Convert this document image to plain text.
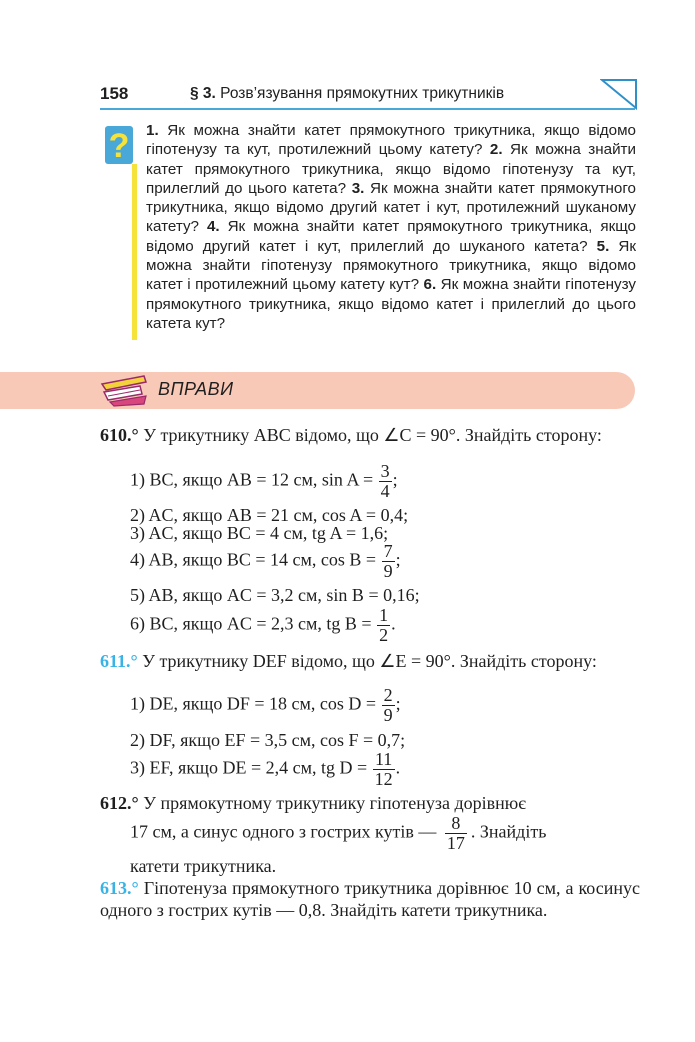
158	§ 3. Розв’язування прямокутних трикутників
? 1. Як можна знайти катет прямокутного трикутника, якщо відомо гіпотенузу та кут, протилежний цьому катету? 2. Як можна знайти катет прямокутного трикутника, якщо відомо гіпотенузу та кут, прилеглий до цього катета? 3. Як можна знайти катет прямокутного трикутника, якщо відомо другий катет і кут, протилежний шуканому катету? 4. Як можна знайти катет прямокутного трикутника, якщо відомо другий катет і кут, прилеглий до шуканого катета? 5. Як можна знайти гіпотенузу прямокутного трикутника, якщо відомо катет і протилежний цьому катету кут? 6. Як можна знайти гіпотенузу прямокутного трикутника, якщо відомо катет і прилеглий до цього катета кут?
ВПРАВИ
610.° У трикутнику ABC відомо, що ∠C = 90°. Знайдіть сторону:
1) BC, якщо AB = 12 см, $\sin A = \frac{3}{4}$ ;
2) AC, якщо AB = 21 см, cos A = 0,4;
3) AC, якщо BC = 4 см, tg A = 1,6;
4) AB, якщо BC = 14 см, $\cos B = \frac{7}{9}$ ;
5) AB, якщо AC = 3,2 см, sin B = 0,16;
6) BC, якщо AC = 2,3 см, tg $B = \frac{1}{2}$ .
611.° У трикутнику DEF відомо, що ∠E = 90°. Знайдіть сторону:
1) DE, якщо DF = 18 см, $\cos D = \frac{2}{9}$ ;
2) DF, якщо EF = 3,5 см, cos F = 0,7;
3) EF, якщо DE = 2,4 см, tg $D = \frac{11}{12}$ .
612.° У прямокутному трикутнику гіпотенуза дорівнює
17 см, а синус одного з гострих кутів — $\frac{8}{17}$ . Знайдіть
катети трикутника.
613.° Гіпотенуза прямокутного трикутника дорівнює 10 см, а косинус одного з гострих кутів — 0,8. Знайдіть катети трикутника.
